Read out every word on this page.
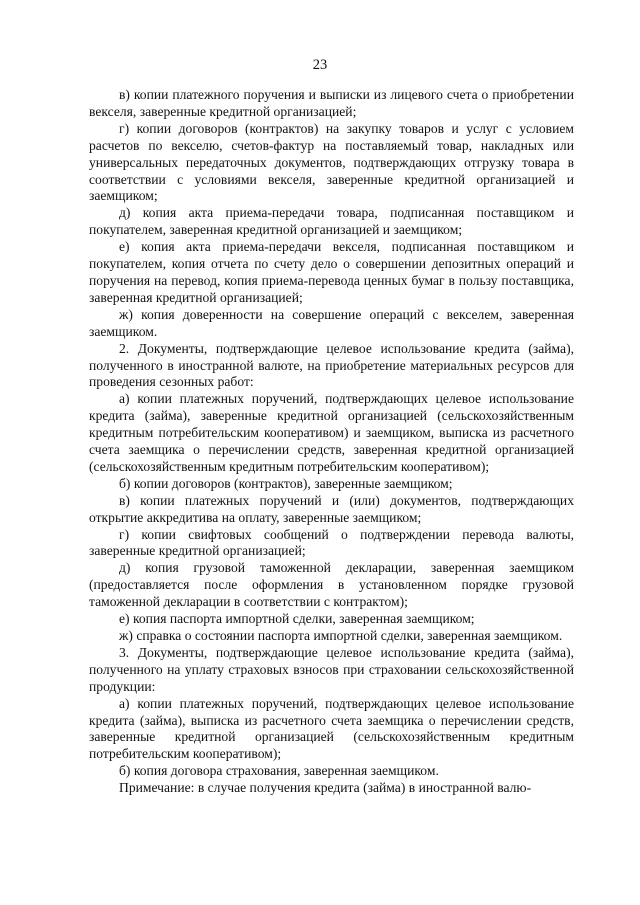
23

в) копии платежного поручения и выписки из лицевого счета о приобретении векселя, заверенные кредитной организацией;

г) копии договоров (контрактов) на закупку товаров и услуг с условием расчетов по векселю, счетов-фактур на поставляемый товар, накладных или универсальных передаточных документов, подтверждающих отгрузку товара в соответствии с условиями векселя, заверенные кредитной организацией и заемщиком;

д) копия акта приема-передачи товара, подписанная поставщиком и покупателем, заверенная кредитной организацией и заемщиком;

е) копия акта приема-передачи векселя, подписанная поставщиком и покупателем, копия отчета по счету дело о совершении депозитных операций и поручения на перевод, копия приема-перевода ценных бумаг в пользу поставщика, заверенная кредитной организацией;

ж) копия доверенности на совершение операций с векселем, заверенная заемщиком.

2. Документы, подтверждающие целевое использование кредита (займа), полученного в иностранной валюте, на приобретение материальных ресурсов для проведения сезонных работ:

а) копии платежных поручений, подтверждающих целевое использование кредита (займа), заверенные кредитной организацией (сельскохозяйственным кредитным потребительским кооперативом) и заемщиком, выписка из расчетного счета заемщика о перечислении средств, заверенная кредитной организацией (сельскохозяйственным кредитным потребительским кооперативом);

б) копии договоров (контрактов), заверенные заемщиком;

в) копии платежных поручений и (или) документов, подтверждающих открытие аккредитива на оплату, заверенные заемщиком;

г) копии свифтовых сообщений о подтверждении перевода валюты, заверенные кредитной организацией;

д) копия грузовой таможенной декларации, заверенная заемщиком (предоставляется после оформления в установленном порядке грузовой таможенной декларации в соответствии с контрактом);

е) копия паспорта импортной сделки, заверенная заемщиком;

ж) справка о состоянии паспорта импортной сделки, заверенная заемщиком.

3. Документы, подтверждающие целевое использование кредита (займа), полученного на уплату страховых взносов при страховании сельскохозяйственной продукции:

а) копии платежных поручений, подтверждающих целевое использование кредита (займа), выписка из расчетного счета заемщика о перечислении средств, заверенные кредитной организацией (сельскохозяйственным кредитным потребительским кооперативом);

б) копия договора страхования, заверенная заемщиком.

Примечание: в случае получения кредита (займа) в иностранной валю-
